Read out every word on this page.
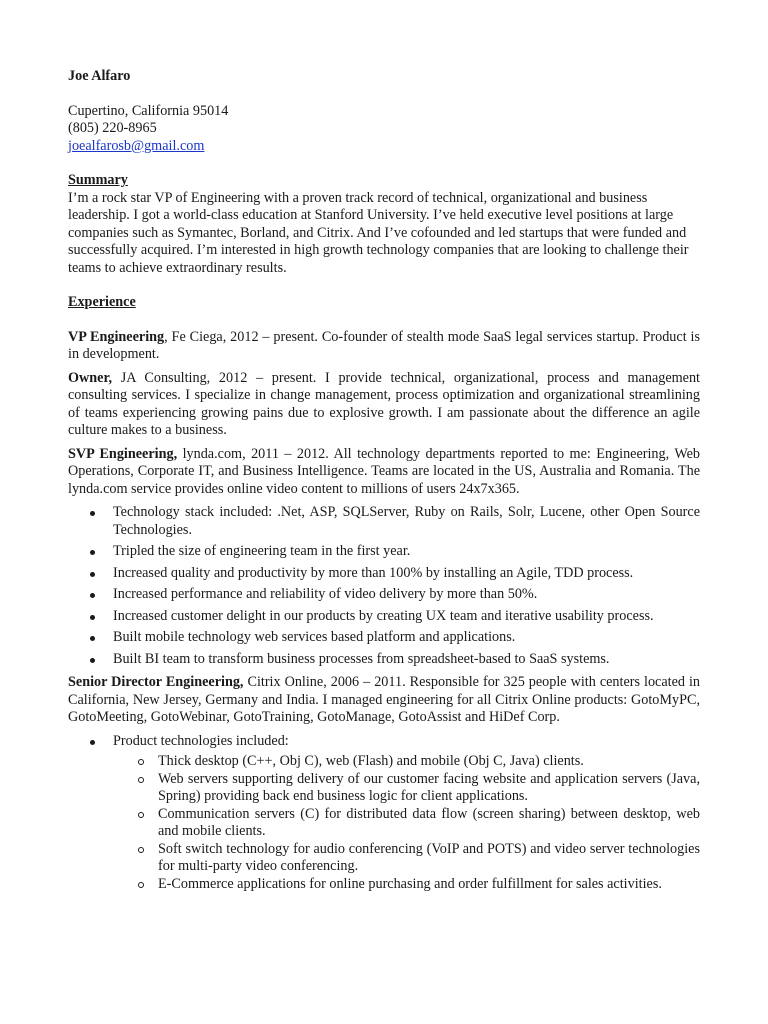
Joe Alfaro

Cupertino, California 95014

(805) 220-8965

joealfarosb@gmail.com

Summary

I’m a rock star VP of Engineering with a proven track record of technical, organizational and business leadership. I got a world-class education at Stanford University. I’ve held executive level positions at large companies such as Symantec, Borland, and Citrix. And I’ve cofounded and led startups that were funded and successfully acquired. I’m interested in high growth technology companies that are looking to challenge their teams to achieve extraordinary results.

Experience

VP Engineering, Fe Ciega, 2012 – present. Co-founder of stealth mode SaaS legal services startup. Product is in development.

Owner, JA Consulting, 2012 – present. I provide technical, organizational, process and management consulting services. I specialize in change management, process optimization and organizational streamlining of teams experiencing growing pains due to explosive growth. I am passionate about the difference an agile culture makes to a business.

SVP Engineering, lynda.com, 2011 – 2012. All technology departments reported to me: Engineering, Web Operations, Corporate IT, and Business Intelligence. Teams are located in the US, Australia and Romania. The lynda.com service provides online video content to millions of users 24x7x365.

Technology stack included: .Net, ASP, SQLServer, Ruby on Rails, Solr, Lucene, other Open Source Technologies.
Tripled the size of engineering team in the first year.
Increased quality and productivity by more than 100% by installing an Agile, TDD process.
Increased performance and reliability of video delivery by more than 50%.
Increased customer delight in our products by creating UX team and iterative usability process.
Built mobile technology web services based platform and applications.
Built BI team to transform business processes from spreadsheet-based to SaaS systems.

Senior Director Engineering, Citrix Online, 2006 – 2011. Responsible for 325 people with centers located in California, New Jersey, Germany and India. I managed engineering for all Citrix Online products: GotoMyPC, GotoMeeting, GotoWebinar, GotoTraining, GotoManage, GotoAssist and HiDef Corp.

Product technologies included:
Thick desktop (C++, Obj C), web (Flash) and mobile (Obj C, Java) clients.
Web servers supporting delivery of our customer facing website and application servers (Java, Spring) providing back end business logic for client applications.
Communication servers (C) for distributed data flow (screen sharing) between desktop, web and mobile clients.
Soft switch technology for audio conferencing (VoIP and POTS) and video server technologies for multi-party video conferencing.
E-Commerce applications for online purchasing and order fulfillment for sales activities.
